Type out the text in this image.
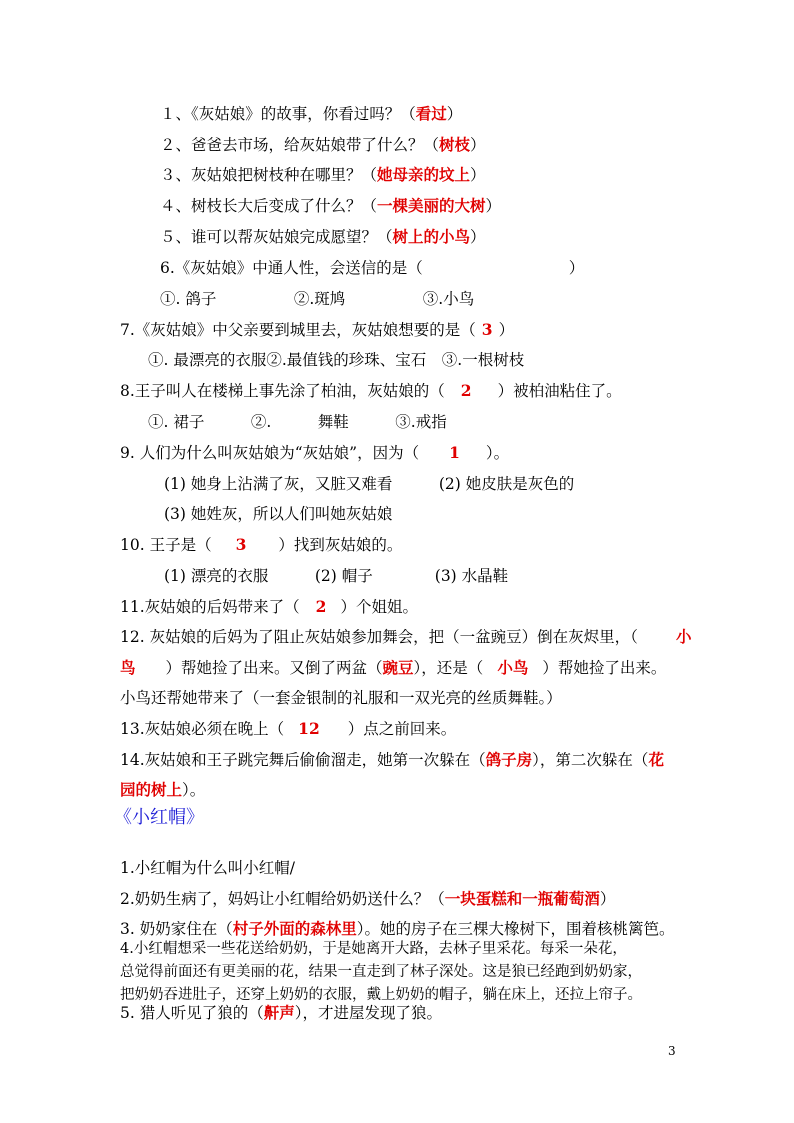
１、《灰姑娘》的故事，你看过吗？（看过）
２、爸爸去市场，给灰姑娘带了什么？（树枝）
３、灰姑娘把树枝种在哪里？（她母亲的坟上）
４、树枝长大后变成了什么？（一棵美丽的大树）
５、谁可以帮灰姑娘完成愿望？（树上的小鸟）
6.《灰姑娘》中通人性，会送信的是（	）
①. 鸽子　　　　　②.斑鸠　　　　　③.小鸟
7.《灰姑娘》中父亲要到城里去，灰姑娘想要的是（ 3 ）
①. 最漂亮的衣服②.最值钱的珍珠、宝石　③.一根树枝
8.王子叫人在楼梯上事先涂了柏油，灰姑娘的（ 2 ）被柏油粘住了。
①. 裙子　　　②.　　　舞鞋　　　③.戒指
9. 人们为什么叫灰姑娘为“灰姑娘”，因为（ 1 ）。
(1) 她身上沾满了灰，又脏又难看　　　(2) 她皮肤是灰色的
(3) 她姓灰，所以人们叫她灰姑娘
10. 王子是（ 3 ）找到灰姑娘的。
(1) 漂亮的衣服　　　(2) 帽子　　　　(3) 水晶鞋
11.灰姑娘的后妈带来了（ 2 ）个姐姐。
12. 灰姑娘的后妈为了阻止灰姑娘参加舞会，把（一盆豌豆）倒在灰烬里，（ 小
鸟 ）帮她捡了出来。又倒了两盆（豌豆），还是（ 小鸟 ）帮她捡了出来。
小鸟还帮她带来了（一套金银制的礼服和一双光亮的丝质舞鞋。）
13.灰姑娘必须在晚上（ 12 ）点之前回来。
14.灰姑娘和王子跳完舞后偷偷溜走，她第一次躲在（鸽子房），第二次躲在（花
园的树上）。
《小红帽》
1.小红帽为什么叫小红帽/
2.奶奶生病了，妈妈让小红帽给奶奶送什么？（一块蛋糕和一瓶葡萄酒）
3. 奶奶家住在（村子外面的森林里）。她的房子在三棵大橡树下，围着核桃篱笆。
4.小红帽想采一些花送给奶奶，于是她离开大路，去林子里采花。每采一朵花，
总觉得前面还有更美丽的花，结果一直走到了林子深处。这是狼已经跑到奶奶家，
把奶奶吞进肚子，还穿上奶奶的衣服，戴上奶奶的帽子，躺在床上，还拉上帘子。
5. 猎人听见了狼的（鼾声），才进屋发现了狼。
3
